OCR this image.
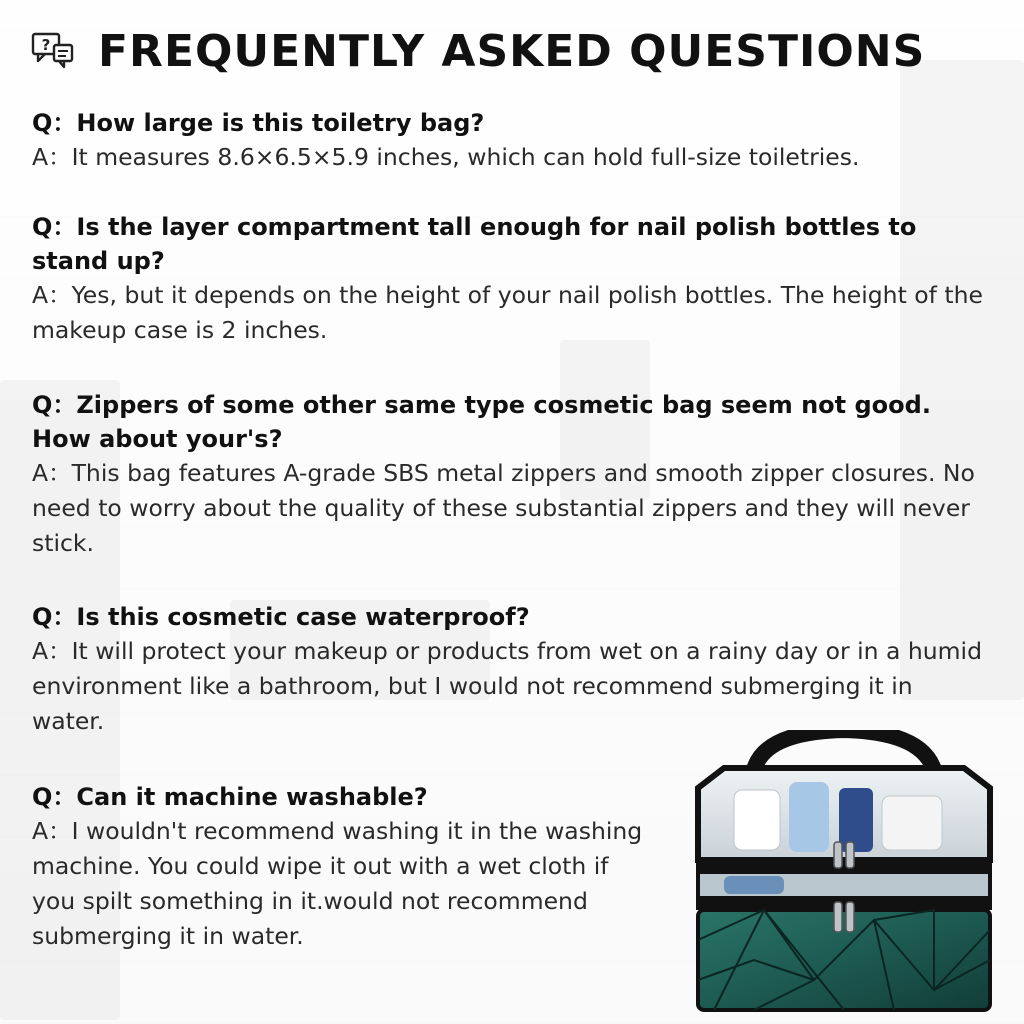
? FREQUENTLY ASKED QUESTIONS
Q：How large is this toiletry bag?
A：It measures 8.6×6.5×5.9 inches, which can hold full-size toiletries.
Q：Is the layer compartment tall enough for nail polish bottles to stand up?
A：Yes, but it depends on the height of your nail polish bottles. The height of the makeup case is 2 inches.
Q：Zippers of some other same type cosmetic bag seem not good. How about your's?
A：This bag features A-grade SBS metal zippers and smooth zipper closures. No need to worry about the quality of these substantial zippers and they will never stick.
Q：Is this cosmetic case waterproof?
A：It will protect your makeup or products from wet on a rainy day or in a humid environment like a bathroom, but I would not recommend submerging it in water.
Q：Can it machine washable?
A：I wouldn't recommend washing it in the washing machine. You could wipe it out with a wet cloth if you spilt something in it.would not recommend submerging it in water.
